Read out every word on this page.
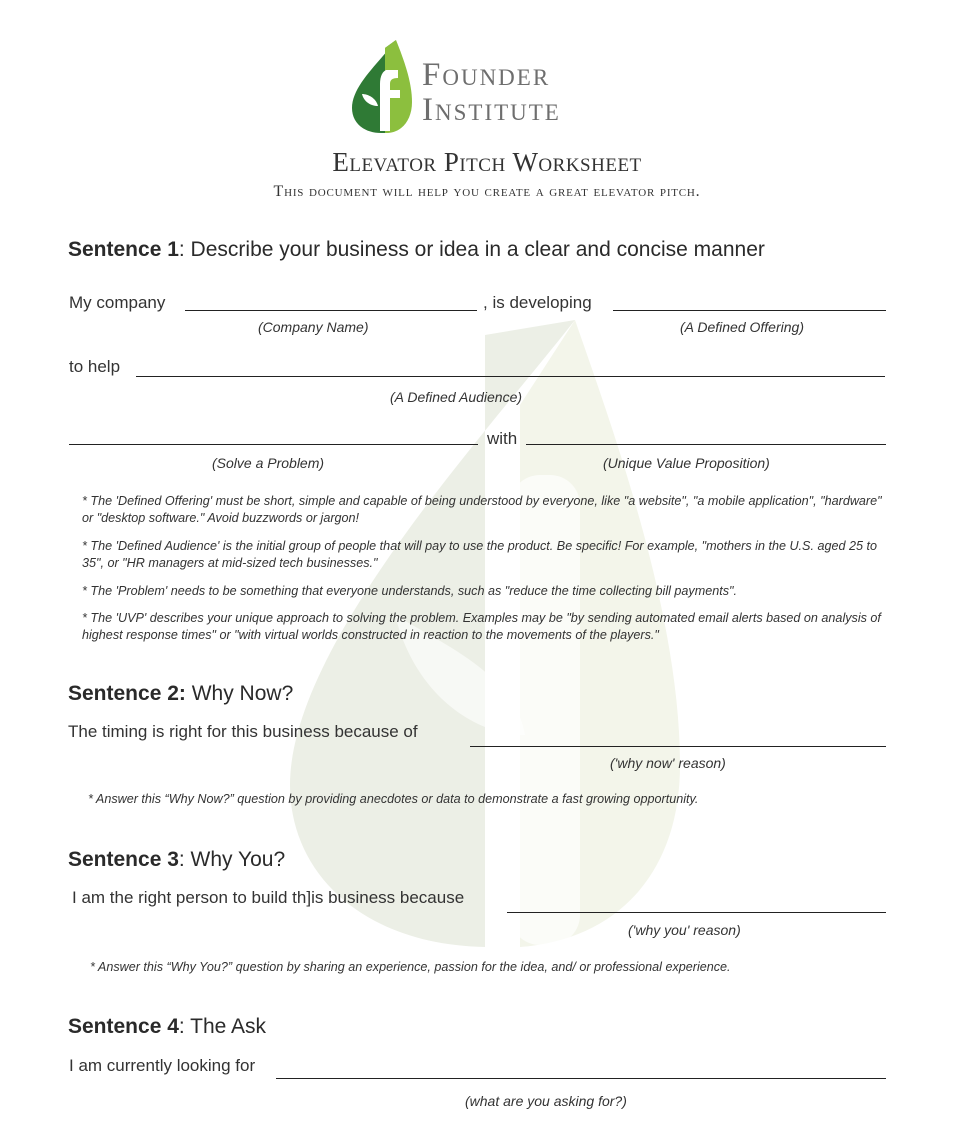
Founder
Institute
Elevator Pitch Worksheet
This document will help you create a great elevator pitch.
Sentence 1: Describe your business or idea in a clear and concise manner
My company	, is developing
(Company Name)	(A Defined Offering)
to help
(A Defined Audience)
with
(Solve a Problem)	(Unique Value Proposition)
* The 'Defined Offering' must be short, simple and capable of being understood by everyone, like "a website", "a mobile application", "hardware" or "desktop software." Avoid buzzwords or jargon!
* The 'Defined Audience' is the initial group of people that will pay to use the product. Be specific! For example, "mothers in the U.S. aged 25 to 35", or "HR managers at mid-sized tech businesses."
* The 'Problem' needs to be something that everyone understands, such as "reduce the time collecting bill payments".
* The 'UVP' describes your unique approach to solving the problem. Examples may be "by sending automated email alerts based on analysis of highest response times" or "with virtual worlds constructed in reaction to the movements of the players."
Sentence 2: Why Now?
The timing is right for this business because of
('why now' reason)
* Answer this “Why Now?” question by providing anecdotes or data to demonstrate a fast growing opportunity.
Sentence 3: Why You?
I am the right person to build th]is business because
('why you' reason)
* Answer this “Why You?” question by sharing an experience, passion for the idea, and/ or professional experience.
Sentence 4: The Ask
I am currently looking for
(what are you asking for?)
